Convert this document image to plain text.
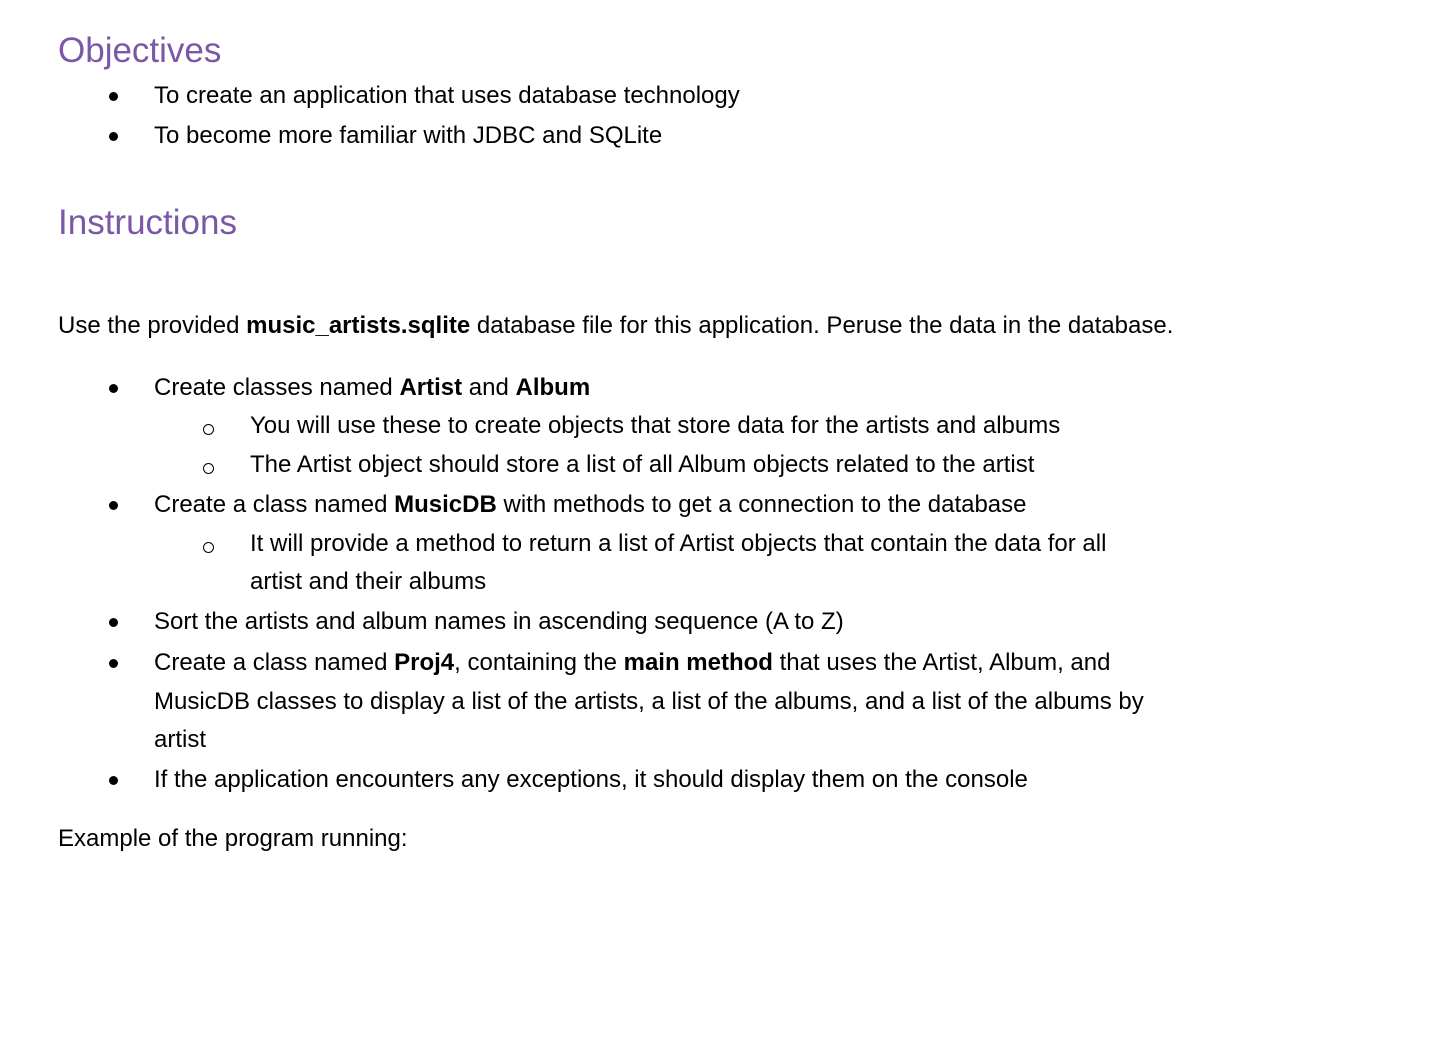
Objectives

To create an application that uses database technology

To become more familiar with JDBC and SQLite

Instructions

Use the provided music_artists.sqlite database file for this application. Peruse the data in the database.

Create classes named Artist and Album

You will use these to create objects that store data for the artists and albums

The Artist object should store a list of all Album objects related to the artist

Create a class named MusicDB with methods to get a connection to the database

It will provide a method to return a list of Artist objects that contain the data for all

artist and their albums

Sort the artists and album names in ascending sequence (A to Z)

Create a class named Proj4, containing the main method that uses the Artist, Album, and

MusicDB classes to display a list of the artists, a list of the albums, and a list of the albums by

artist

If the application encounters any exceptions, it should display them on the console

Example of the program running:
